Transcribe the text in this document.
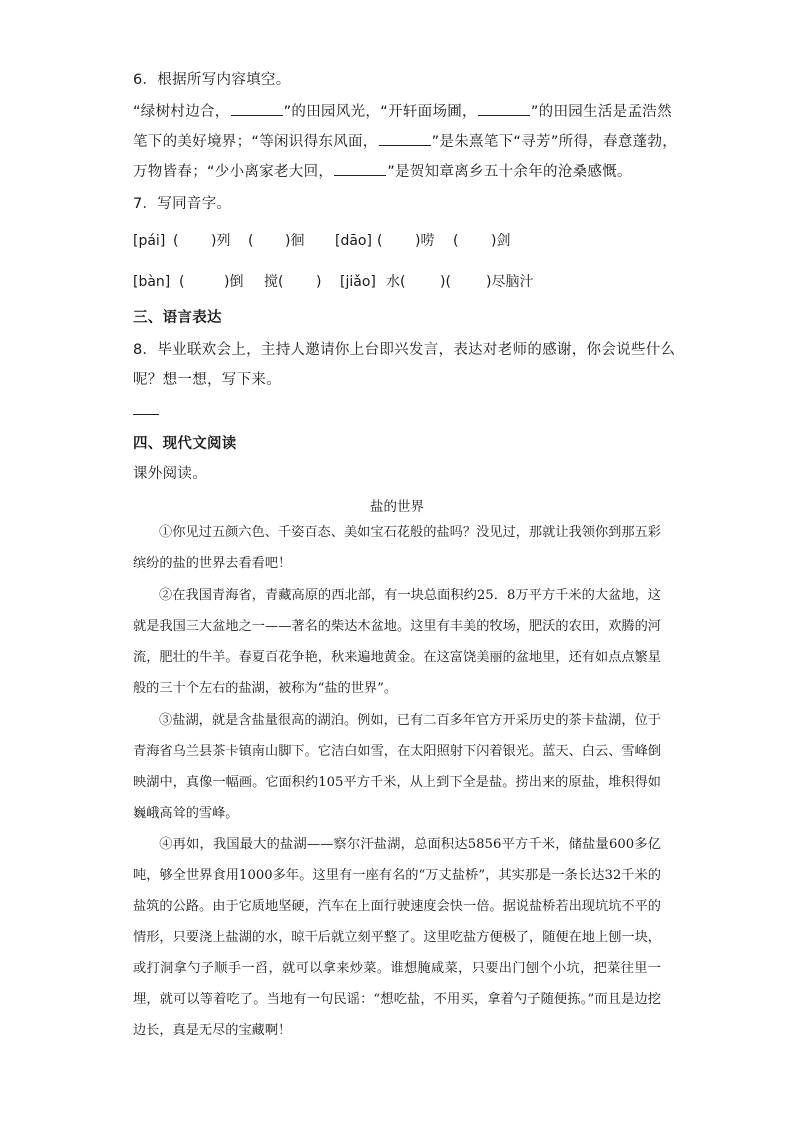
6．根据所写内容填空。
“绿树村边合，	”的田园风光，“开轩面场圃，	”的田园生活是孟浩然
笔下的美好境界；“等闲识得东风面，	”是朱熹笔下“寻芳”所得，春意蓬勃，
万物皆春；“少小离家老大回，	”是贺知章离乡五十余年的沧桑感慨。
7．写同音字。
[pái] ( )列 ( )徊 [dāo] ( )唠 ( )剑
[bàn] (	)倒 搅( ) [jiǎo] 水( )(	)尽脑汁
三、语言表达
8．毕业联欢会上，主持人邀请你上台即兴发言，表达对老师的感谢，你会说些什么
呢？想一想，写下来。
四、现代文阅读
课外阅读。
盐的世界
①你见过五颜六色、千姿百态、美如宝石花般的盐吗？没见过，那就让我领你到那五彩缤纷的盐的世界去看看吧！
②在我国青海省，青藏高原的西北部，有一块总面积约25．8万平方千米的大盆地，这就是我国三大盆地之一——著名的柴达木盆地。这里有丰美的牧场，肥沃的农田，欢腾的河流，肥壮的牛羊。春夏百花争艳，秋来遍地黄金。在这富饶美丽的盆地里，还有如点点繁星般的三十个左右的盐湖，被称为“盐的世界”。
③盐湖，就是含盐量很高的湖泊。例如，已有二百多年官方开采历史的茶卡盐湖，位于青海省乌兰县茶卡镇南山脚下。它洁白如雪，在太阳照射下闪着银光。蓝天、白云、雪峰倒映湖中，真像一幅画。它面积约105平方千米，从上到下全是盐。捞出来的原盐，堆积得如巍峨高耸的雪峰。
④再如，我国最大的盐湖——察尔汗盐湖，总面积达5856平方千米，储盐量600多亿吨，够全世界食用1000多年。这里有一座有名的“万丈盐桥”，其实那是一条长达32千米的盐筑的公路。由于它质地坚硬，汽车在上面行驶速度会快一倍。据说盐桥若出现坑坑不平的情形，只要浇上盐湖的水，晾干后就立刻平整了。这里吃盐方便极了，随便在地上刨一块，或打洞拿勺子顺手一舀，就可以拿来炒菜。谁想腌咸菜，只要出门刨个小坑，把菜往里一埋，就可以等着吃了。当地有一句民谣：“想吃盐，不用买，拿着勺子随便拣。”而且是边挖边长，真是无尽的宝藏啊！
